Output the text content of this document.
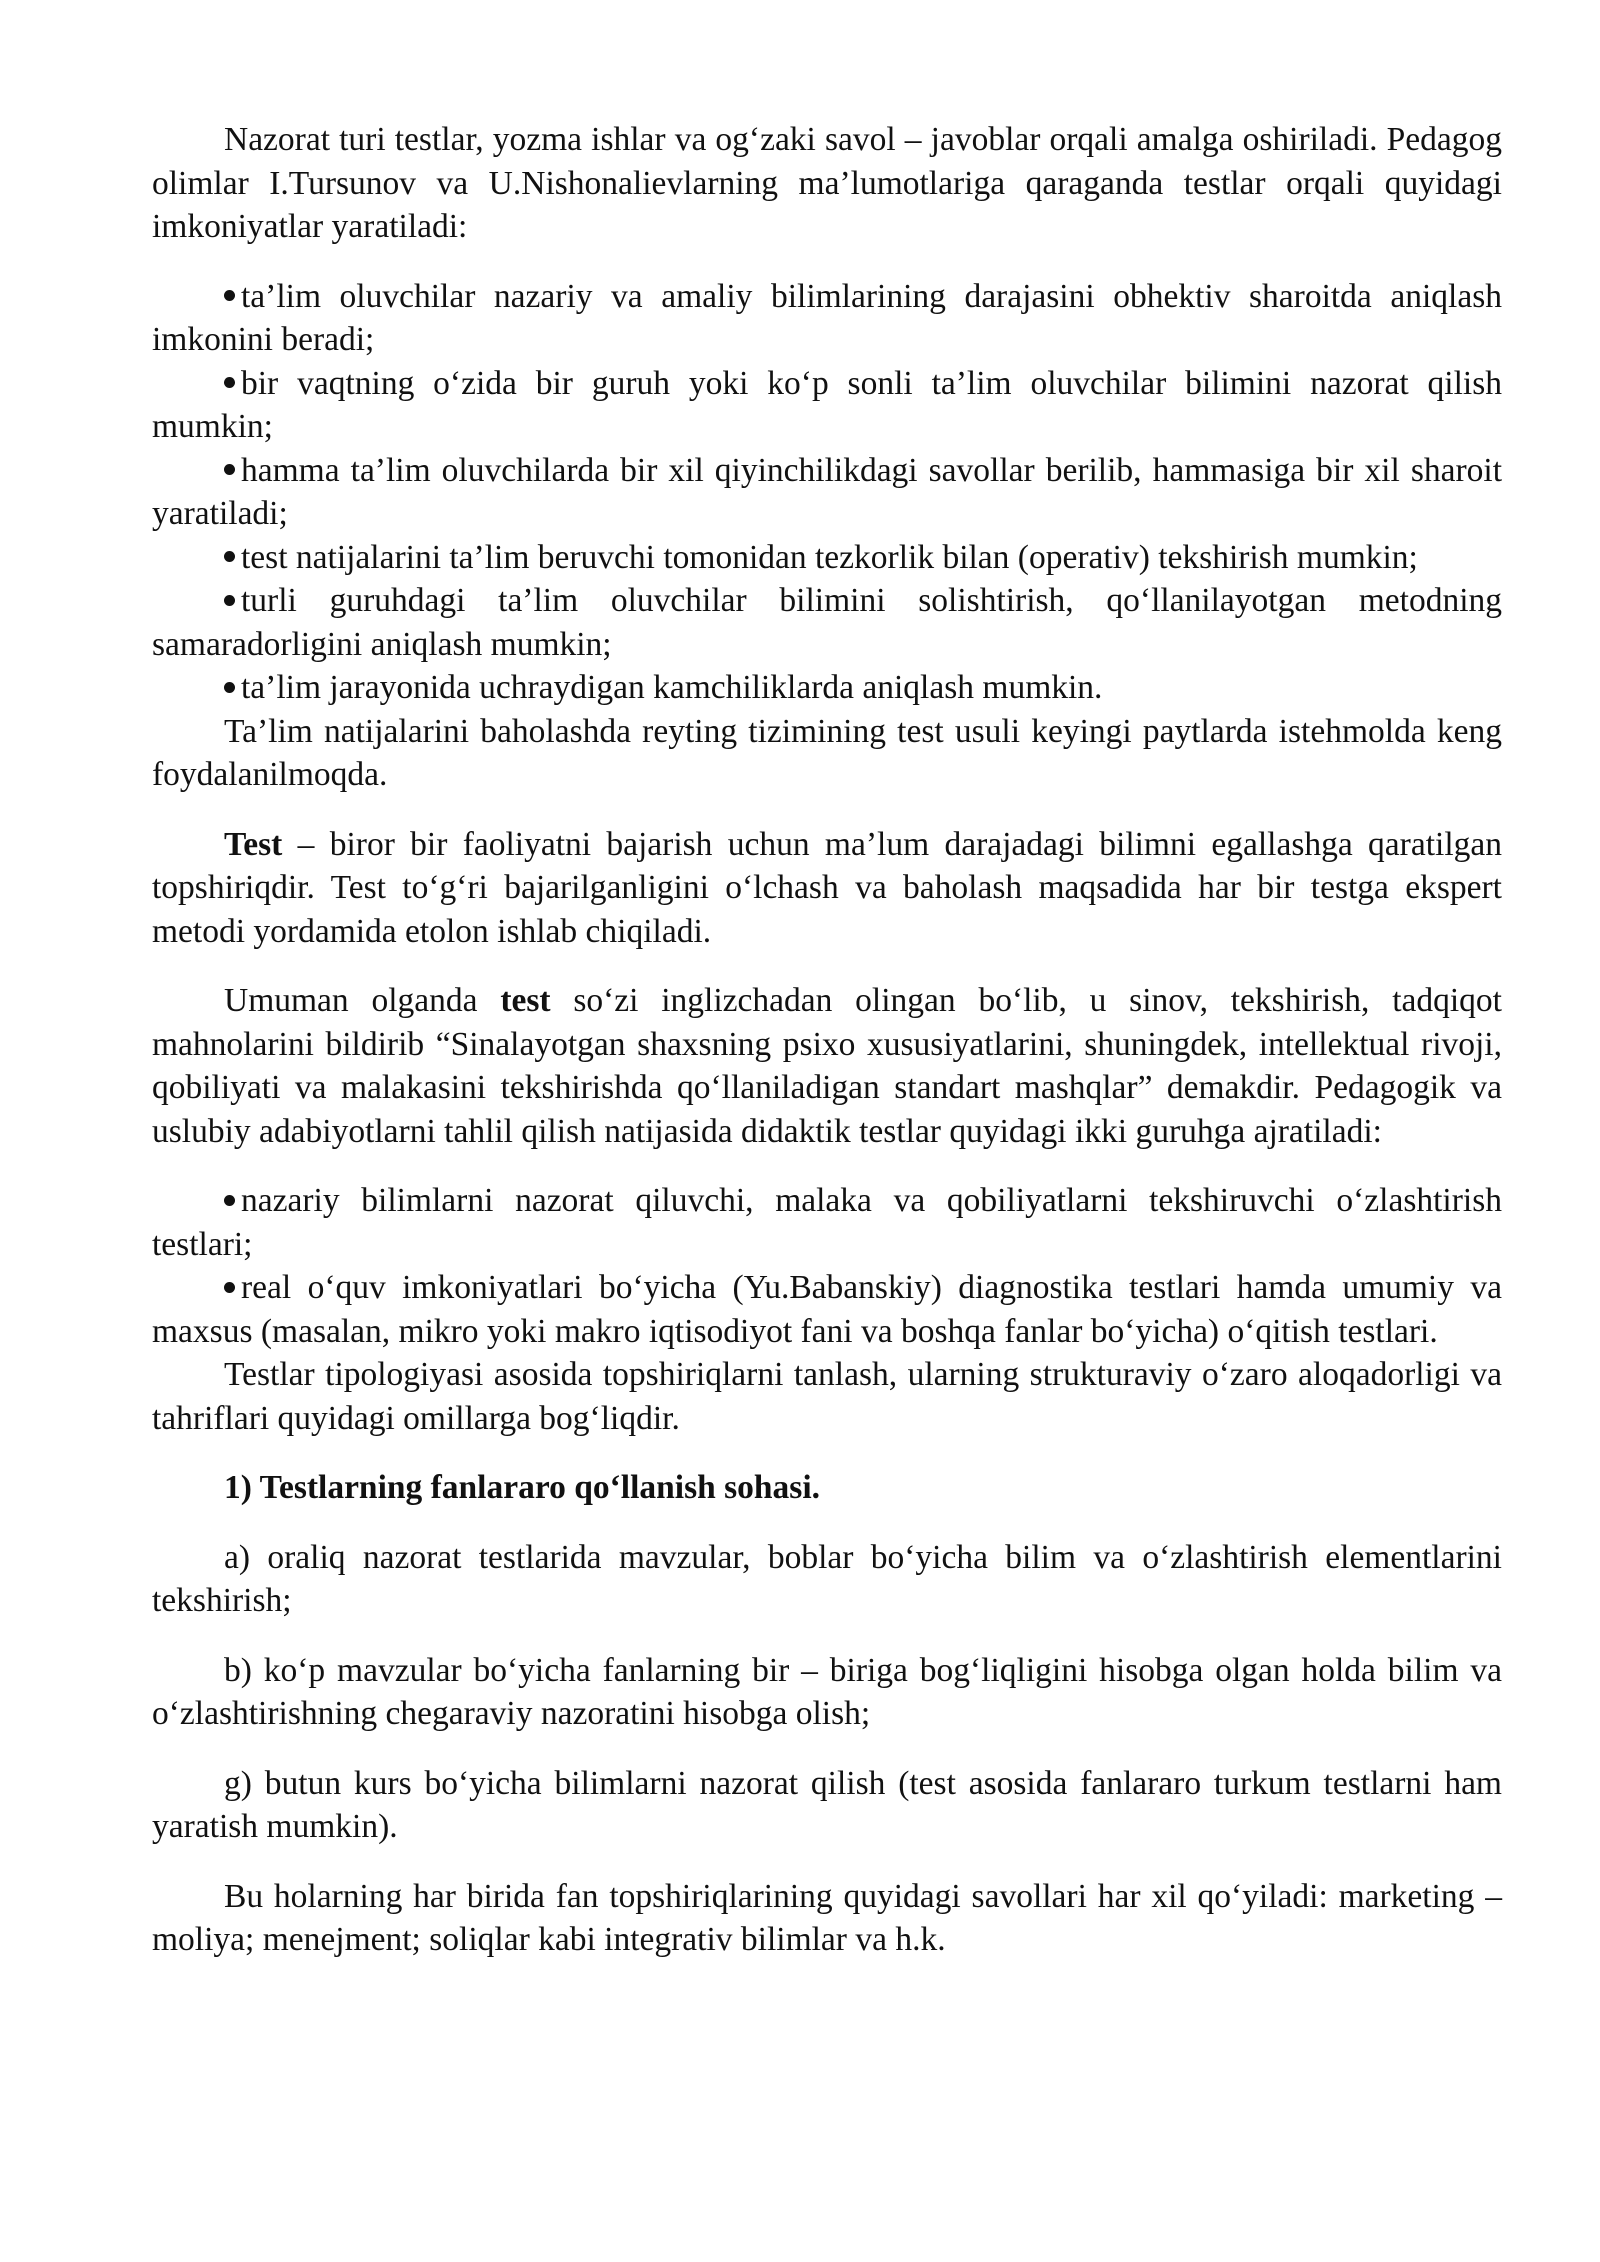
Nazorat turi testlar, yozma ishlar va og‘zaki savol – javoblar orqali amalga oshiriladi. Pedagog olimlar I.Tursunov va U.Nishonalievlarning ma’lumotlariga qaraganda testlar orqali quyidagi imkoniyatlar yaratiladi:

ta’lim oluvchilar nazariy va amaliy bilimlarining darajasini obhektiv sharoitda aniqlash imkonini beradi;

bir vaqtning o‘zida bir guruh yoki ko‘p sonli ta’lim oluvchilar bilimini nazorat qilish mumkin;

hamma ta’lim oluvchilarda bir xil qiyinchilikdagi savollar berilib, hammasiga bir xil sharoit yaratiladi;

test natijalarini ta’lim beruvchi tomonidan tezkorlik bilan (operativ) tekshirish mumkin;

turli guruhdagi ta’lim oluvchilar bilimini solishtirish, qo‘llanilayotgan metodning samaradorligini aniqlash mumkin;

ta’lim jarayonida uchraydigan kamchiliklarda aniqlash mumkin.

Ta’lim natijalarini baholashda reyting tizimining test usuli keyingi paytlarda istehmolda keng foydalanilmoqda.

Test – biror bir faoliyatni bajarish uchun ma’lum darajadagi bilimni egallashga qaratilgan topshiriqdir. Test to‘g‘ri bajarilganligini o‘lchash va baholash maqsadida har bir testga ekspert metodi yordamida etolon ishlab chiqiladi.

Umuman olganda test so‘zi inglizchadan olingan bo‘lib, u sinov, tekshirish, tadqiqot mahnolarini bildirib “Sinalayotgan shaxsning psixo xususiyatlarini, shuningdek, intellektual rivoji, qobiliyati va malakasini tekshirishda qo‘llaniladigan standart mashqlar” demakdir. Pedagogik va uslubiy adabiyotlarni tahlil qilish natijasida didaktik testlar quyidagi ikki guruhga ajratiladi:

nazariy bilimlarni nazorat qiluvchi, malaka va qobiliyatlarni tekshiruvchi o‘zlashtirish testlari;

real o‘quv imkoniyatlari bo‘yicha (Yu.Babanskiy) diagnostika testlari hamda umumiy va maxsus (masalan, mikro yoki makro iqtisodiyot fani va boshqa fanlar bo‘yicha) o‘qitish testlari.

Testlar tipologiyasi asosida topshiriqlarni tanlash, ularning strukturaviy o‘zaro aloqadorligi va tahriflari quyidagi omillarga bog‘liqdir.

1) Testlarning fanlararo qo‘llanish sohasi.

a) oraliq nazorat testlarida mavzular, boblar bo‘yicha bilim va o‘zlashtirish elementlarini tekshirish;

b) ko‘p mavzular bo‘yicha fanlarning bir – biriga bog‘liqligini hisobga olgan holda bilim va o‘zlashtirishning chegaraviy nazoratini hisobga olish;

g) butun kurs bo‘yicha bilimlarni nazorat qilish (test asosida fanlararo turkum testlarni ham yaratish mumkin).

Bu holarning har birida fan topshiriqlarining quyidagi savollari har xil qo‘yiladi: marketing – moliya; menejment; soliqlar kabi integrativ bilimlar va h.k.
